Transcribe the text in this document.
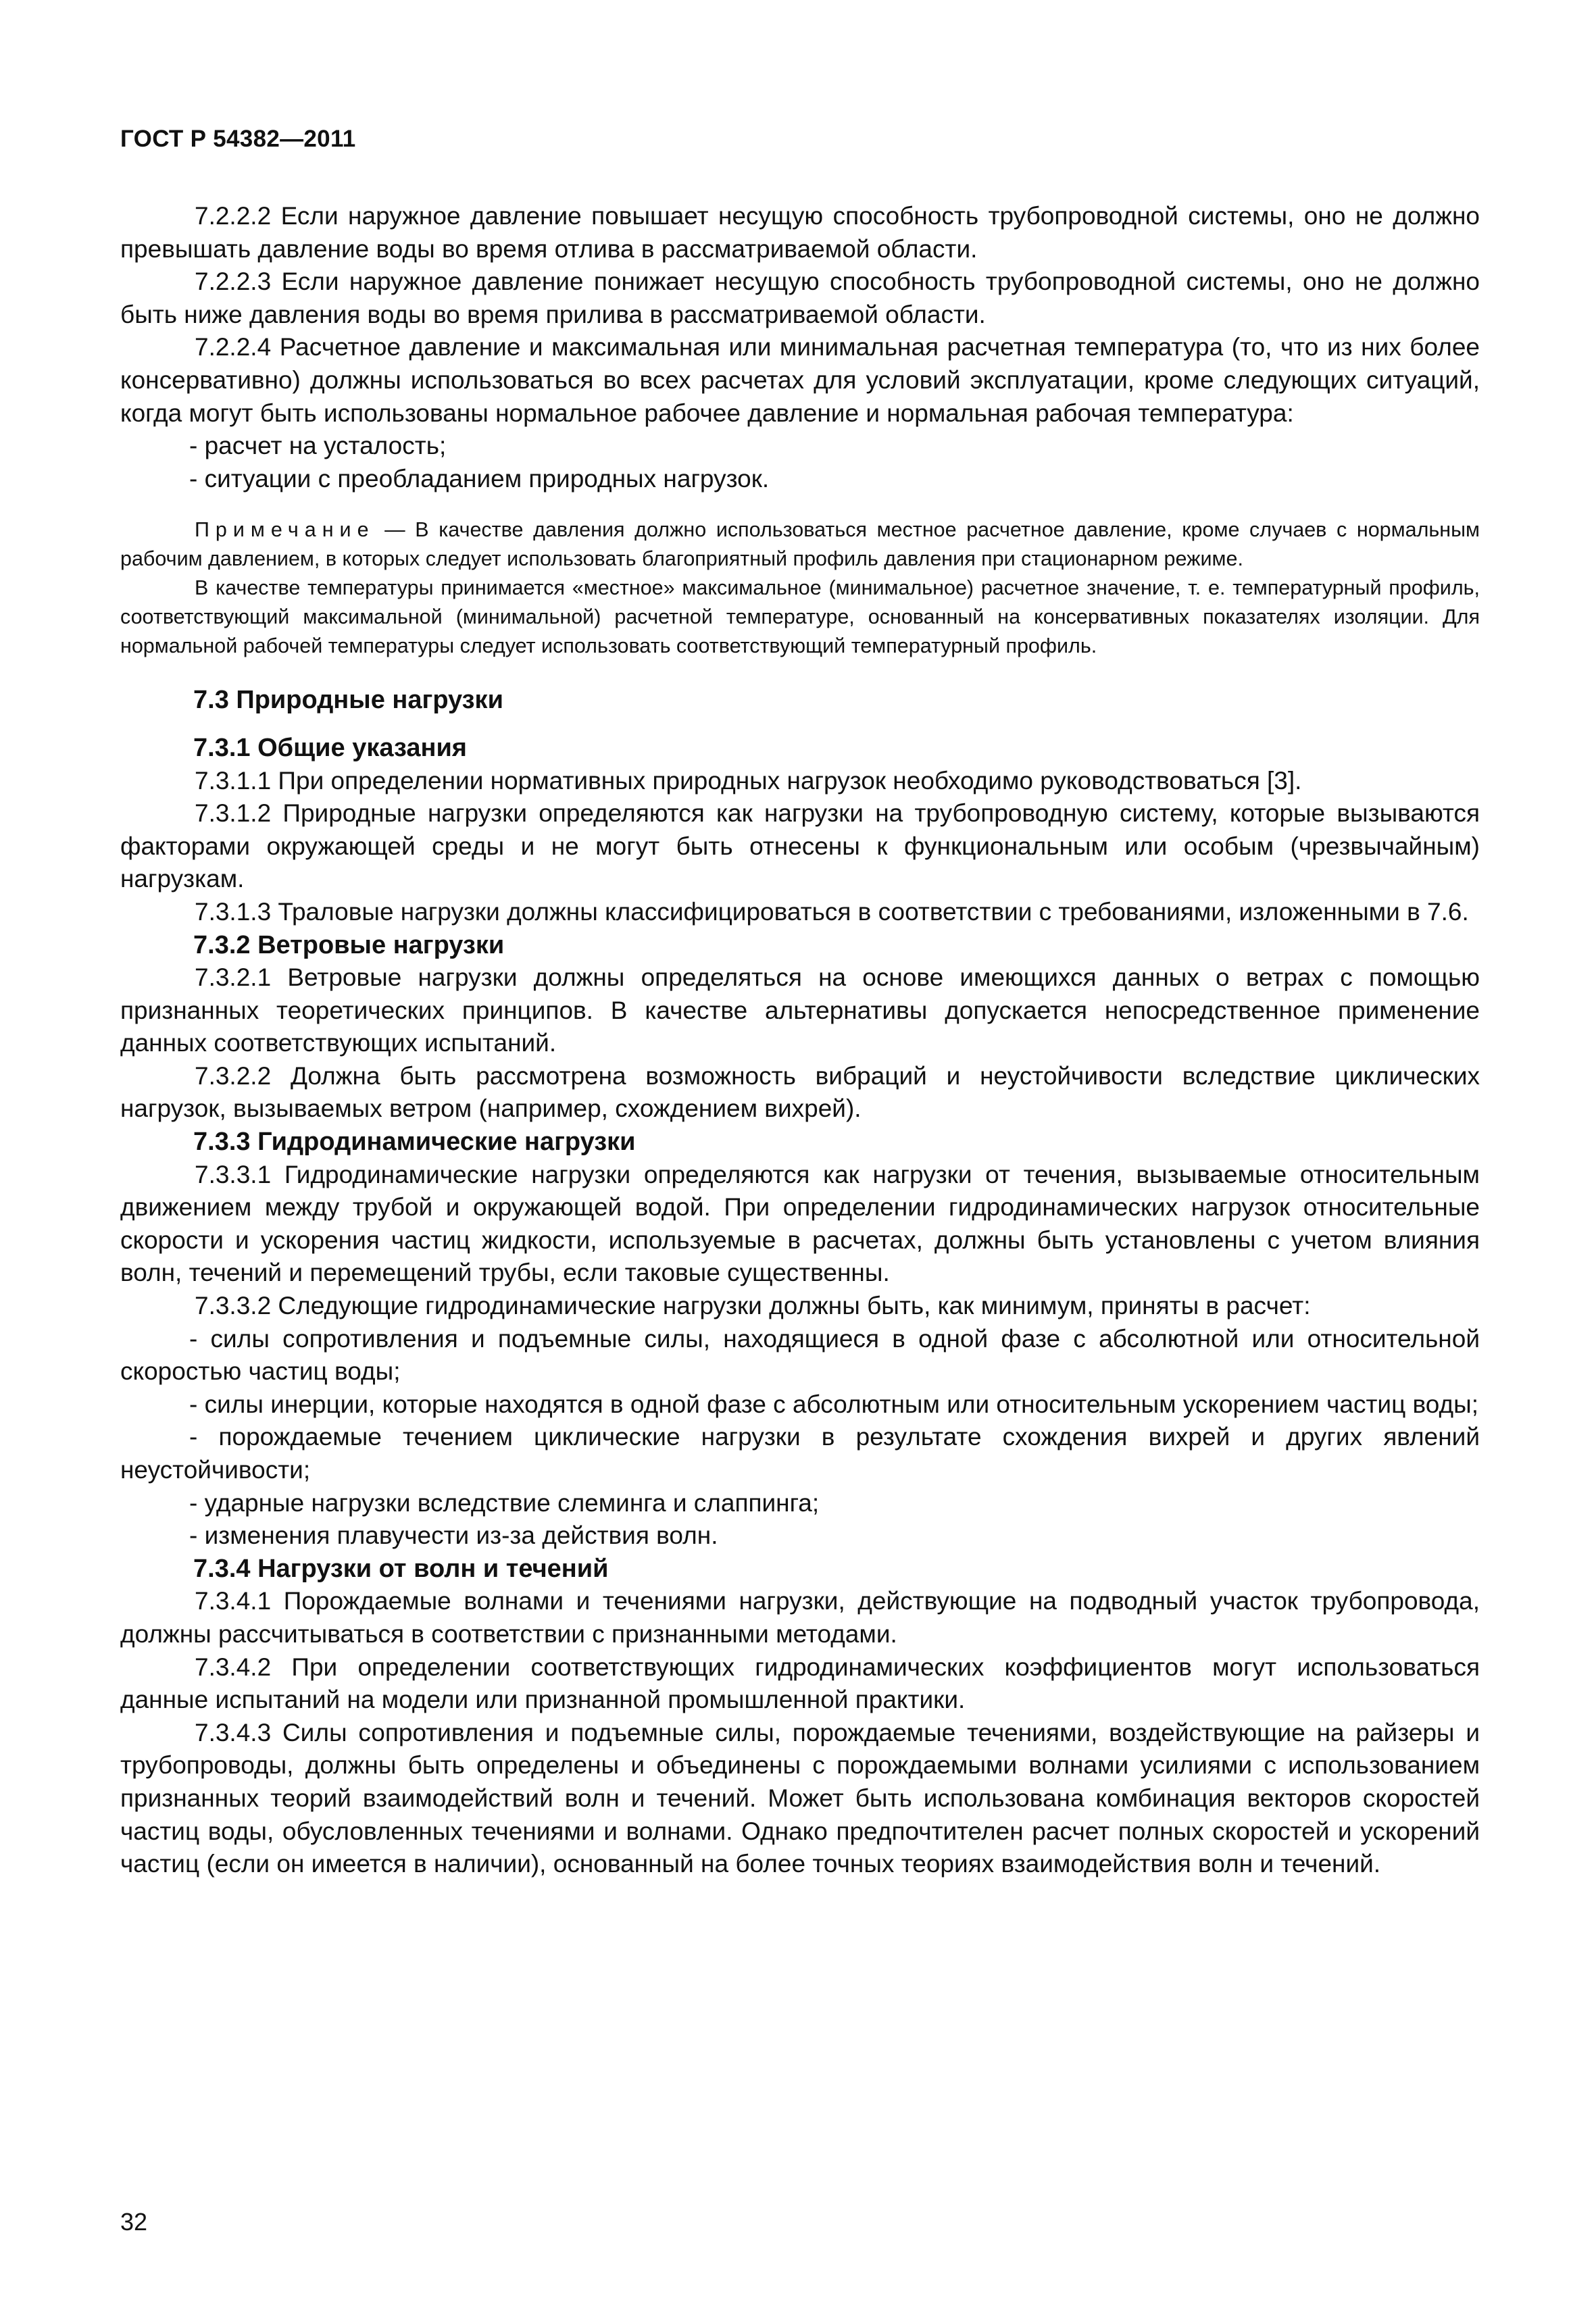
ГОСТ Р 54382—2011

7.2.2.2 Если наружное давление повышает несущую способность трубопроводной системы, оно не должно превышать давление воды во время отлива в рассматриваемой области.

7.2.2.3 Если наружное давление понижает несущую способность трубопроводной системы, оно не должно быть ниже давления воды во время прилива в рассматриваемой области.

7.2.2.4 Расчетное давление и максимальная или минимальная расчетная температура (то, что из них более консервативно) должны использоваться во всех расчетах для условий эксплуатации, кроме следующих ситуаций, когда могут быть использованы нормальное рабочее давление и нормальная рабочая температура:

- расчет на усталость;

- ситуации с преобладанием природных нагрузок.

Примечание — В качестве давления должно использоваться местное расчетное давление, кроме случаев с нормальным рабочим давлением, в которых следует использовать благоприятный профиль давления при стационарном режиме.

В качестве температуры принимается «местное» максимальное (минимальное) расчетное значение, т. е. температурный профиль, соответствующий максимальной (минимальной) расчетной температуре, основанный на консервативных показателях изоляции. Для нормальной рабочей температуры следует использовать соответствующий температурный профиль.

7.3 Природные нагрузки

7.3.1 Общие указания

7.3.1.1 При определении нормативных природных нагрузок необходимо руководствоваться [3].

7.3.1.2 Природные нагрузки определяются как нагрузки на трубопроводную систему, которые вызываются факторами окружающей среды и не могут быть отнесены к функциональным или особым (чрезвычайным) нагрузкам.

7.3.1.3 Траловые нагрузки должны классифицироваться в соответствии с требованиями, изложенными в 7.6.

7.3.2 Ветровые нагрузки

7.3.2.1 Ветровые нагрузки должны определяться на основе имеющихся данных о ветрах с помощью признанных теоретических принципов. В качестве альтернативы допускается непосредственное применение данных соответствующих испытаний.

7.3.2.2 Должна быть рассмотрена возможность вибраций и неустойчивости вследствие циклических нагрузок, вызываемых ветром (например, схождением вихрей).

7.3.3 Гидродинамические нагрузки

7.3.3.1 Гидродинамические нагрузки определяются как нагрузки от течения, вызываемые относительным движением между трубой и окружающей водой. При определении гидродинамических нагрузок относительные скорости и ускорения частиц жидкости, используемые в расчетах, должны быть установлены с учетом влияния волн, течений и перемещений трубы, если таковые существенны.

7.3.3.2 Следующие гидродинамические нагрузки должны быть, как минимум, приняты в расчет:

- силы сопротивления и подъемные силы, находящиеся в одной фазе с абсолютной или относительной скоростью частиц воды;

- силы инерции, которые находятся в одной фазе с абсолютным или относительным ускорением частиц воды;

- порождаемые течением циклические нагрузки в результате схождения вихрей и других явлений неустойчивости;

- ударные нагрузки вследствие слеминга и слаппинга;

- изменения плавучести из-за действия волн.

7.3.4 Нагрузки от волн и течений

7.3.4.1 Порождаемые волнами и течениями нагрузки, действующие на подводный участок трубопровода, должны рассчитываться в соответствии с признанными методами.

7.3.4.2 При определении соответствующих гидродинамических коэффициентов могут использоваться данные испытаний на модели или признанной промышленной практики.

7.3.4.3 Силы сопротивления и подъемные силы, порождаемые течениями, воздействующие на райзеры и трубопроводы, должны быть определены и объединены с порождаемыми волнами усилиями с использованием признанных теорий взаимодействий волн и течений. Может быть использована комбинация векторов скоростей частиц воды, обусловленных течениями и волнами. Однако предпочтителен расчет полных скоростей и ускорений частиц (если он имеется в наличии), основанный на более точных теориях взаимодействия волн и течений.

32
